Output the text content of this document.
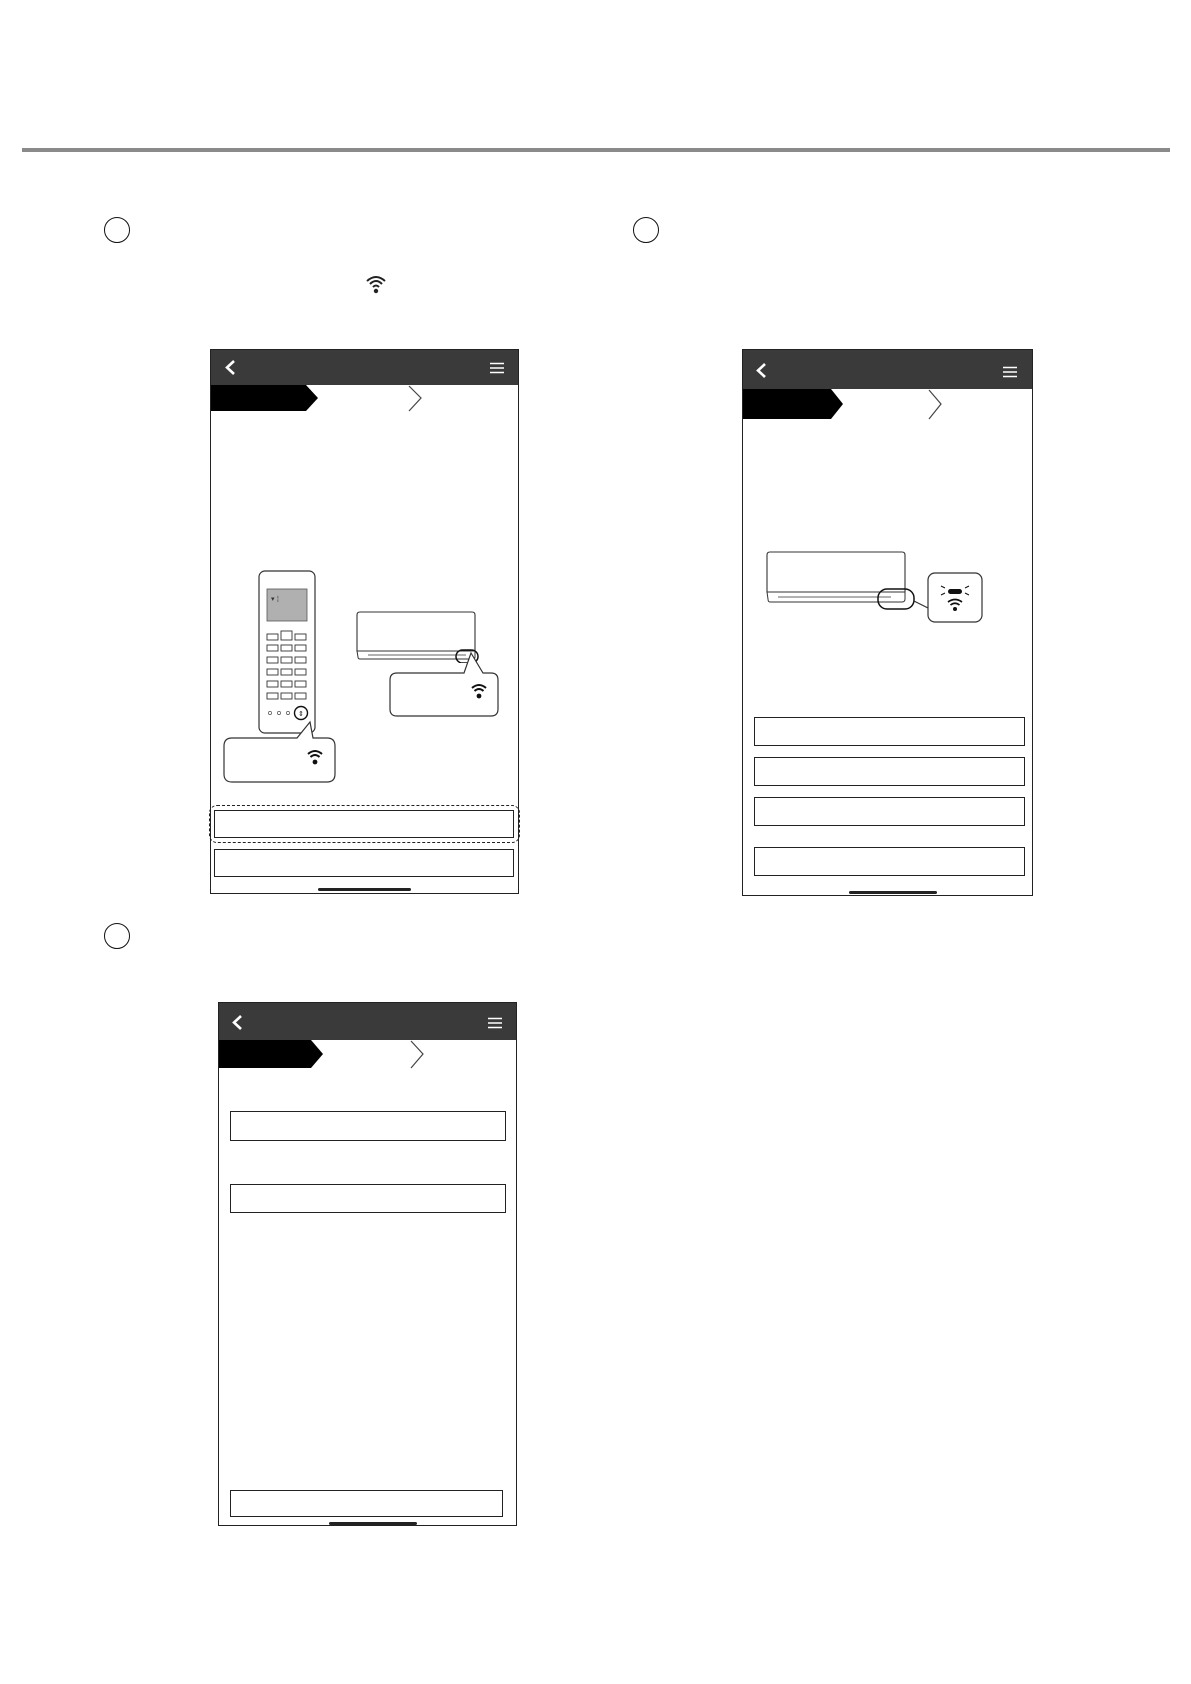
▾ ¦
⇕
